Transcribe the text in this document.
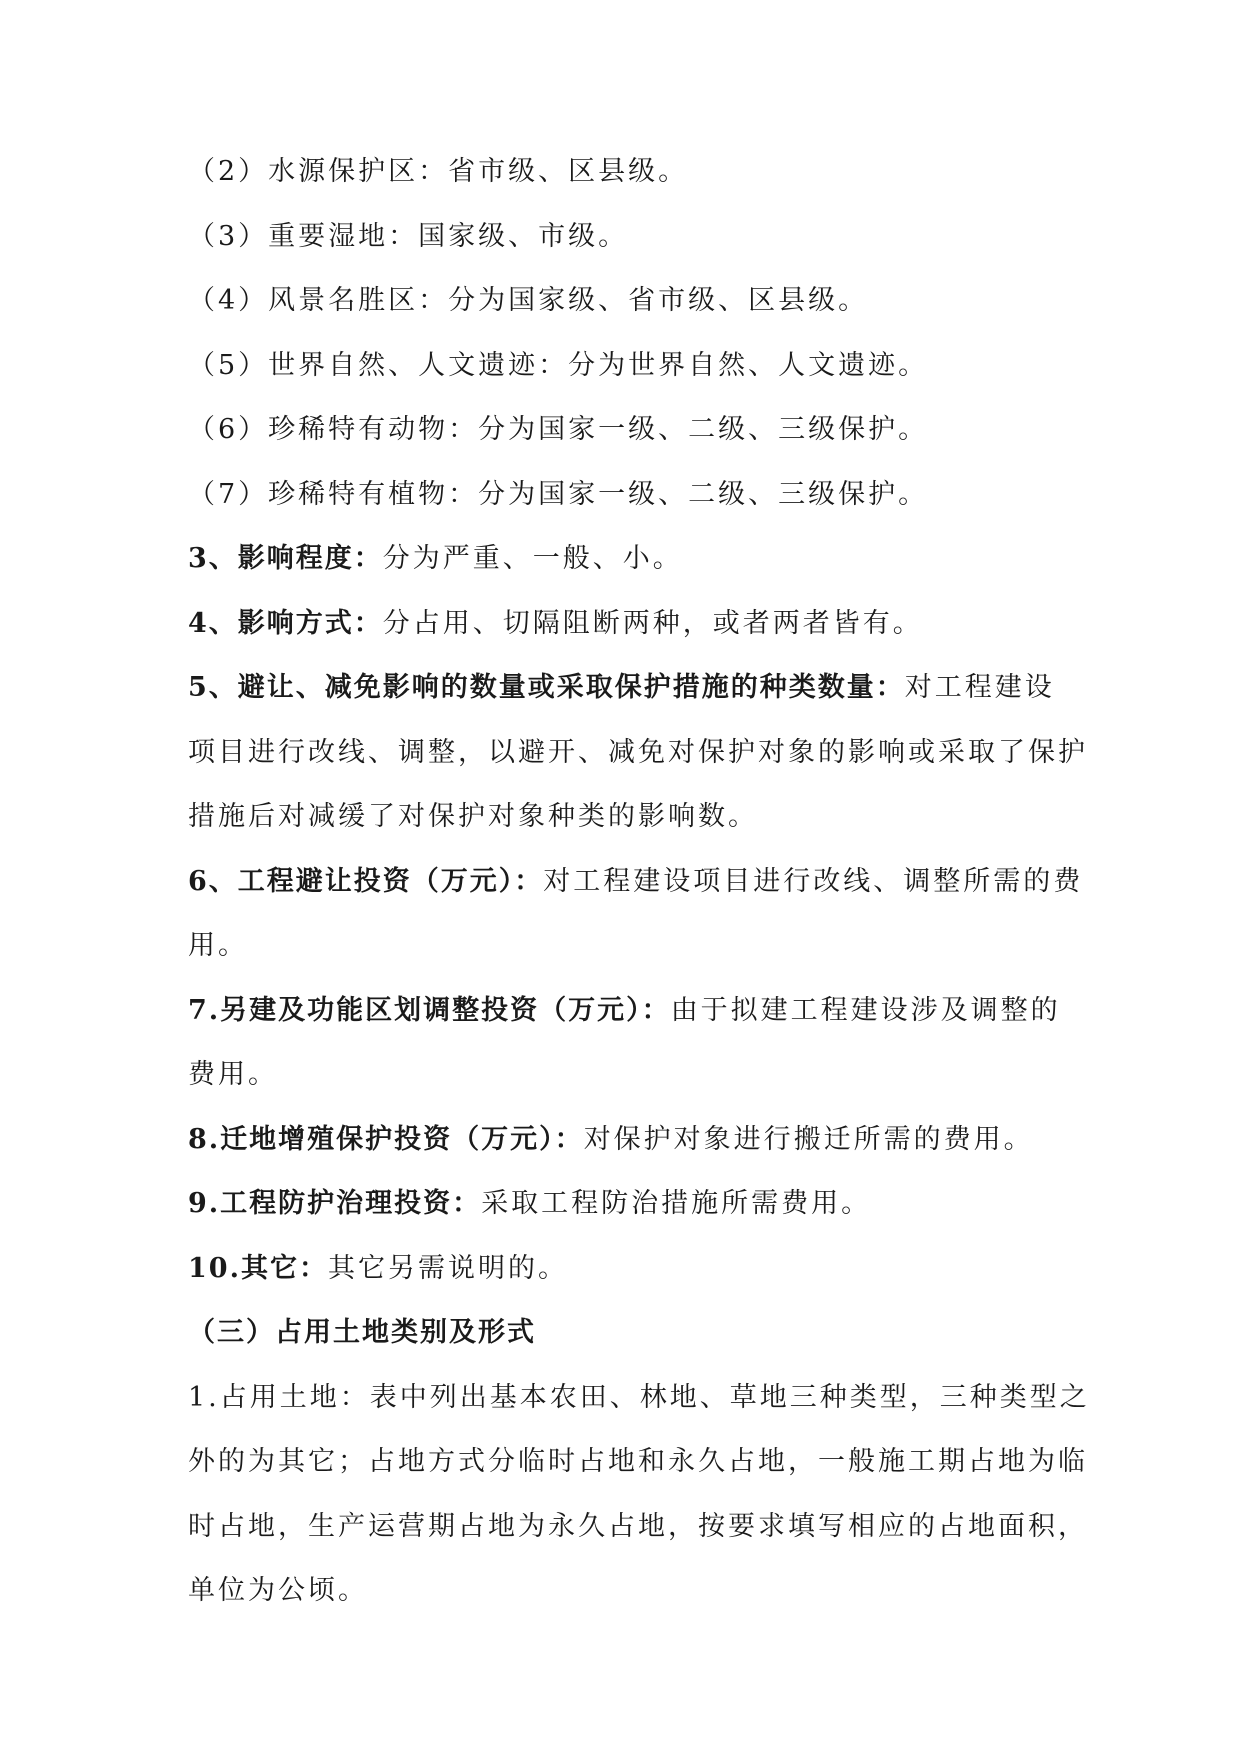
（2）水源保护区：省市级、区县级。
（3）重要湿地：国家级、市级。
（4）风景名胜区：分为国家级、省市级、区县级。
（5）世界自然、人文遗迹：分为世界自然、人文遗迹。
（6）珍稀特有动物：分为国家一级、二级、三级保护。
（7）珍稀特有植物：分为国家一级、二级、三级保护。
3、影响程度：分为严重、一般、小。
4、影响方式：分占用、切隔阻断两种，或者两者皆有。
5、避让、减免影响的数量或采取保护措施的种类数量：对工程建设
项目进行改线、调整，以避开、减免对保护对象的影响或采取了保护
措施后对减缓了对保护对象种类的影响数。
6、工程避让投资（万元）：对工程建设项目进行改线、调整所需的费
用。
7.另建及功能区划调整投资（万元）：由于拟建工程建设涉及调整的
费用。
8.迁地增殖保护投资（万元）：对保护对象进行搬迁所需的费用。
9.工程防护治理投资：采取工程防治措施所需费用。
10.其它：其它另需说明的。
（三）占用土地类别及形式
1.占用土地：表中列出基本农田、林地、草地三种类型，三种类型之
外的为其它；占地方式分临时占地和永久占地，一般施工期占地为临
时占地，生产运营期占地为永久占地，按要求填写相应的占地面积，
单位为公顷。
